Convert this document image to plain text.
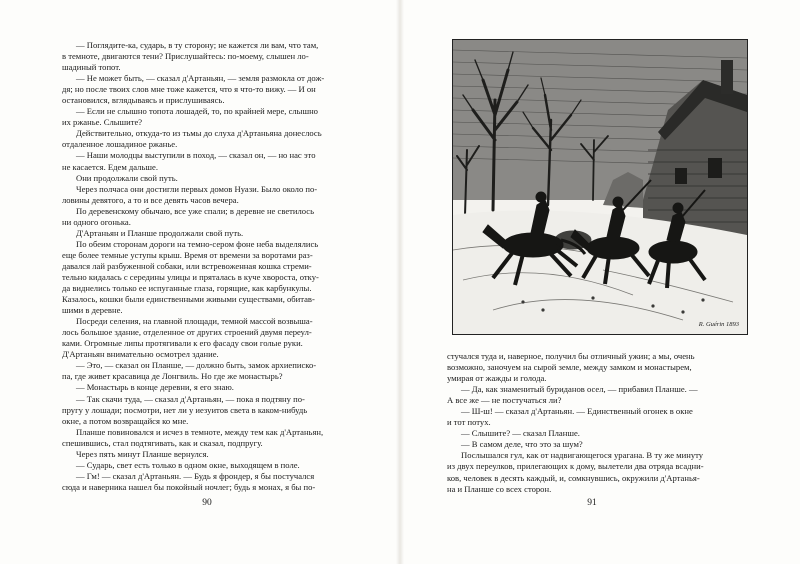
— Поглядите-ка, сударь, в ту сторону; не кажется ли вам, что там,

в темноте, двигаются тени? Прислушайтесь: по-моему, слышен ло-

шадиный топот.

— Не может быть, — сказал д'Артаньян, — земля размокла от дож-

дя; но после твоих слов мне тоже кажется, что я что-то вижу. — И он

остановился, вглядываясь и прислушиваясь.

— Если не слышно топота лошадей, то, по крайней мере, слышно

их ржанье. Слышите?

Действительно, откуда-то из тьмы до слуха д'Артаньяна донеслось

отдаленное лошадиное ржанье.

— Наши молодцы выступили в поход, — сказал он, — но нас это

не касается. Едем дальше.

Они продолжали свой путь.

Через полчаса они достигли первых домов Нуази. Было около по-

ловины девятого, а то и все девять часов вечера.

По деревенскому обычаю, все уже спали; в деревне не светилось

ни одного огонька.

Д'Артаньян и Планше продолжали свой путь.

По обеим сторонам дороги на темно-сером фоне неба выделялись

еще более темные уступы крыш. Время от времени за воротами раз-

давался лай разбуженной собаки, или встревоженная кошка стреми-

тельно кидалась с середины улицы и пряталась в куче хвороста, отку-

да виднелись только ее испуганные глаза, горящие, как карбункулы.

Казалось, кошки были единственными живыми существами, обитав-

шими в деревне.

Посреди селения, на главной площади, темной массой возвыша-

лось большое здание, отделенное от других строений двумя переул-

ками. Огромные липы протягивали к его фасаду свои голые руки.

Д'Артаньян внимательно осмотрел здание.

— Это, — сказал он Планше, — должно быть, замок архиеписко-

па, где живет красавица де Лонгвиль. Но где же монастырь?

— Монастырь в конце деревни, я его знаю.

— Так скачи туда, — сказал д'Артаньян, — пока я подтяну по-

пругу у лошади; посмотри, нет ли у иезуитов света в каком-нибудь

окне, а потом возвращайся ко мне.

Планше повиновался и исчез в темноте, между тем как д'Артаньян,

спешившись, стал подтягивать, как и сказал, подпругу.

Через пять минут Планше вернулся.

— Сударь, свет есть только в одном окне, выходящем в поле.

— Гм! — сказал д'Артаньян. — Будь я фрондер, я бы постучался

сюда и наверника нашел бы покойный ночлег; будь я монах, я бы по-

90
R. Guérin 1893

стучался туда и, наверное, получил бы отличный ужин; а мы, очень

возможно, заночуем на сырой земле, между замком и монастырем,

умирая от жажды и голода.

— Да, как знаменитый буриданов осел, — прибавил Планше. —

А все же — не постучаться ли?

— Ш-ш! — сказал д'Артаньян. — Единственный огонек в окне

и тот потух.

— Слышите? — сказал Планше.

— В самом деле, что это за шум?

Послышался гул, как от надвигающегося урагана. В ту же минуту

из двух переулков, прилегающих к дому, вылетели два отряда всадни-

ков, человек в десять каждый, и, сомкнувшись, окружили д'Артанья-

на и Планше со всех сторон.

91
